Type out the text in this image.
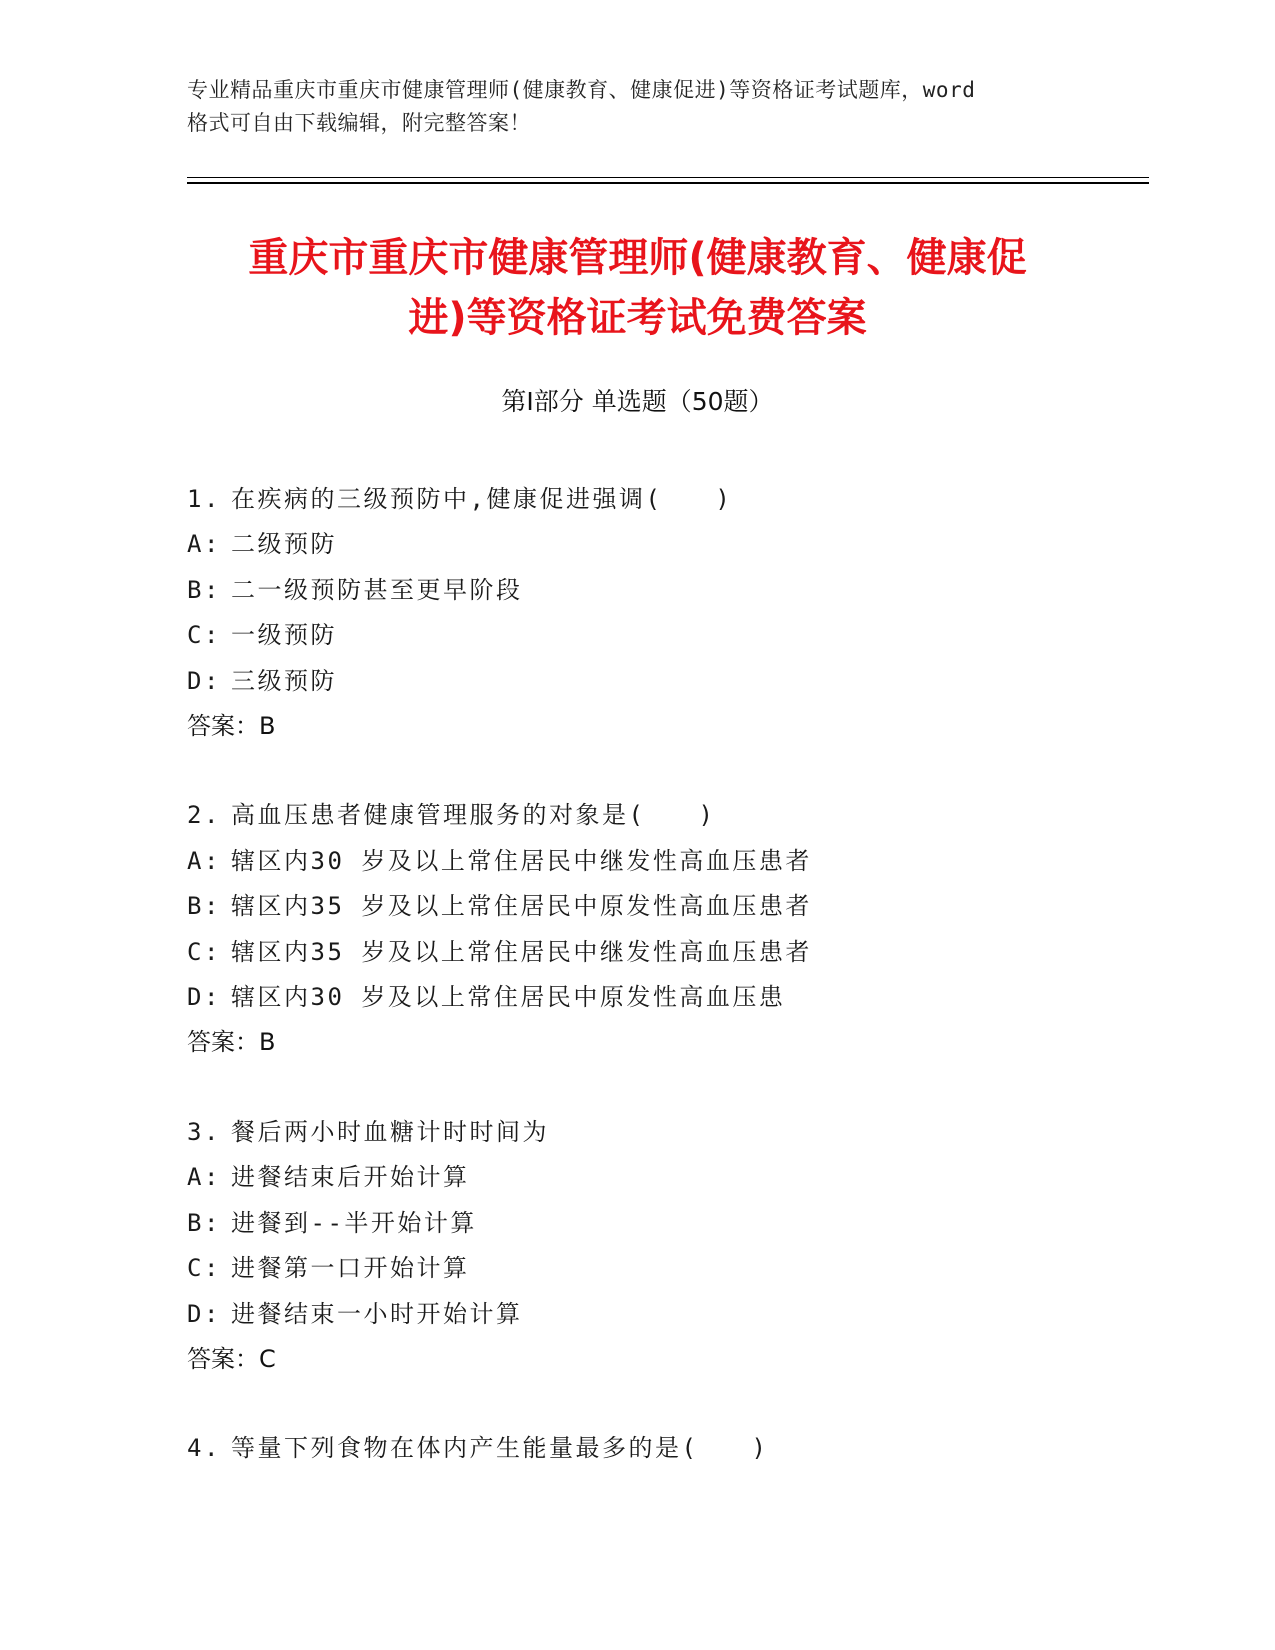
专业精品重庆市重庆市健康管理师(健康教育、健康促进)等资格证考试题库，word
格式可自由下载编辑，附完整答案！
重庆市重庆市健康管理师(健康教育、健康促
进)等资格证考试免费答案
第Ⅰ部分 单选题（50题）
1. 在疾病的三级预防中,健康促进强调(　　)
A: 二级预防
B: 二一级预防甚至更早阶段
C: 一级预防
D: 三级预防
答案：B
2. 高血压患者健康管理服务的对象是(　　)
A: 辖区内30 岁及以上常住居民中继发性高血压患者
B: 辖区内35 岁及以上常住居民中原发性高血压患者
C: 辖区内35 岁及以上常住居民中继发性高血压患者
D: 辖区内30 岁及以上常住居民中原发性高血压患
答案：B
3. 餐后两小时血糖计时时间为
A: 进餐结束后开始计算
B: 进餐到--半开始计算
C: 进餐第一口开始计算
D: 进餐结束一小时开始计算
答案：C
4. 等量下列食物在体内产生能量最多的是(　　)
